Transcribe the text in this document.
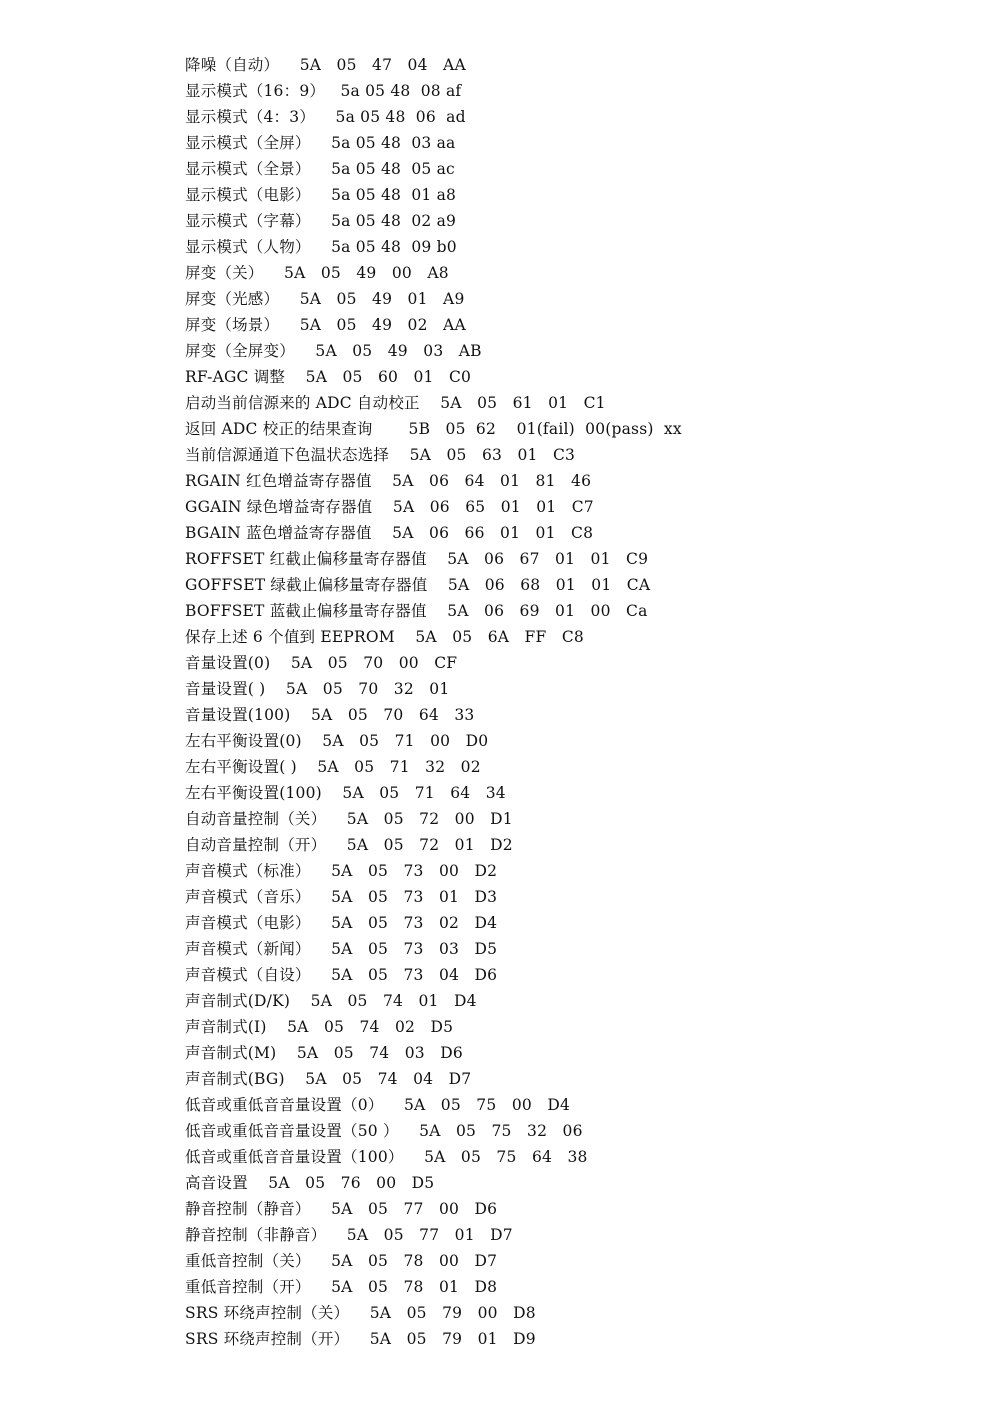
降噪（自动）    5A   05   47   04   AA
显示模式（16：9）   5a 05 48  08 af
显示模式（4：3）    5a 05 48  06  ad
显示模式（全屏）    5a 05 48  03 aa
显示模式（全景）    5a 05 48  05 ac
显示模式（电影）    5a 05 48  01 a8
显示模式（字幕）    5a 05 48  02 a9
显示模式（人物）    5a 05 48  09 b0
屏变（关）    5A   05   49   00   A8
屏变（光感）    5A   05   49   01   A9
屏变（场景）    5A   05   49   02   AA
屏变（全屏变）    5A   05   49   03   AB
RF-AGC 调整    5A   05   60   01   C0
启动当前信源来的 ADC 自动校正    5A   05   61   01   C1
返回 ADC 校正的结果查询       5B   05  62    01(fail)  00(pass)  xx
当前信源通道下色温状态选择    5A   05   63   01   C3
RGAIN 红色增益寄存器值    5A   06   64   01   81   46
GGAIN 绿色增益寄存器值    5A   06   65   01   01   C7
BGAIN 蓝色增益寄存器值    5A   06   66   01   01   C8
ROFFSET 红截止偏移量寄存器值    5A   06   67   01   01   C9
GOFFSET 绿截止偏移量寄存器值    5A   06   68   01   01   CA
BOFFSET 蓝截止偏移量寄存器值    5A   06   69   01   00   Ca
保存上述 6 个值到 EEPROM    5A   05   6A   FF   C8
音量设置(0)    5A   05   70   00   CF
音量设置( )    5A   05   70   32   01
音量设置(100)    5A   05   70   64   33
左右平衡设置(0)    5A   05   71   00   D0
左右平衡设置( )    5A   05   71   32   02
左右平衡设置(100)    5A   05   71   64   34
自动音量控制（关）    5A   05   72   00   D1
自动音量控制（开）    5A   05   72   01   D2
声音模式（标准）    5A   05   73   00   D2
声音模式（音乐）    5A   05   73   01   D3
声音模式（电影）    5A   05   73   02   D4
声音模式（新闻）    5A   05   73   03   D5
声音模式（自设）    5A   05   73   04   D6
声音制式(D/K)    5A   05   74   01   D4
声音制式(I)    5A   05   74   02   D5
声音制式(M)    5A   05   74   03   D6
声音制式(BG)    5A   05   74   04   D7
低音或重低音音量设置（0）    5A   05   75   00   D4
低音或重低音音量设置（50 ）    5A   05   75   32   06
低音或重低音音量设置（100）    5A   05   75   64   38
高音设置    5A   05   76   00   D5
静音控制（静音）    5A   05   77   00   D6
静音控制（非静音）    5A   05   77   01   D7
重低音控制（关）    5A   05   78   00   D7
重低音控制（开）    5A   05   78   01   D8
SRS 环绕声控制（关）    5A   05   79   00   D8
SRS 环绕声控制（开）    5A   05   79   01   D9
